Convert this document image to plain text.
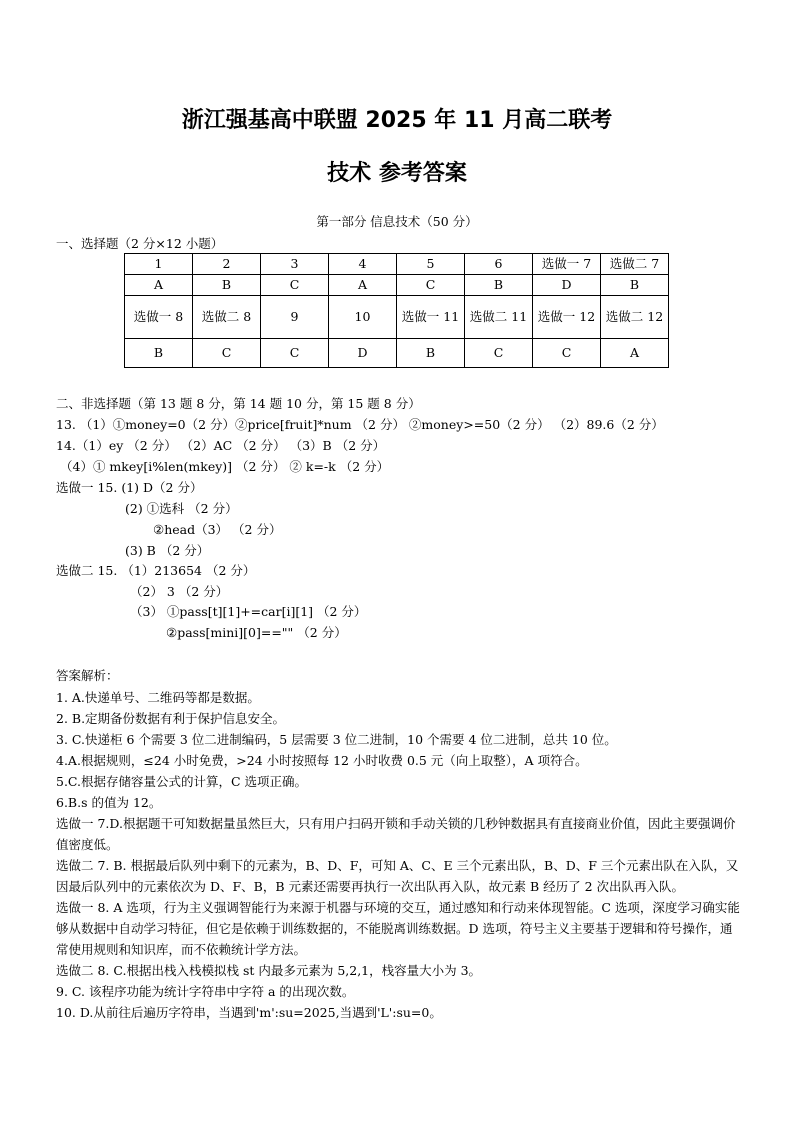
浙江强基高中联盟 2025 年 11 月高二联考
技术 参考答案
第一部分 信息技术（50 分）
一、选择题（2 分×12 小题）
1	2	3	4	5	6	选做一 7	选做二 7
A	B	C	A	C	B	D	B
选做一 8	选做二 8	9	10	选做一 11	选做二 11	选做一 12	选做二 12
B	C	C	D	B	C	C	A
二、非选择题（第 13 题 8 分，第 14 题 10 分，第 15 题 8 分）
13. （1）①money=0（2 分）②price[fruit]*num （2 分） ②money>=50（2 分） （2）89.6（2 分）
14.（1）ey （2 分） （2）AC （2 分） （3）B （2 分）
（4）① mkey[i%len(mkey)] （2 分） ② k=-k （2 分）
选做一 15. (1) D（2 分）
(2) ①选科 （2 分）
②head（3） （2 分）
(3) B （2 分）
选做二 15. （1）213654 （2 分）
（2） 3 （2 分）
（3） ①pass[t][1]+=car[i][1] （2 分）
②pass[mini][0]=="" （2 分）
答案解析：
1. A.快递单号、二维码等都是数据。
2. B.定期备份数据有利于保护信息安全。
3. C.快递柜 6 个需要 3 位二进制编码，5 层需要 3 位二进制，10 个需要 4 位二进制，总共 10 位。
4.A.根据规则，≤24 小时免费，>24 小时按照每 12 小时收费 0.5 元（向上取整），A 项符合。
5.C.根据存储容量公式的计算，C 选项正确。
6.B.s 的值为 12。
选做一 7.D.根据题干可知数据量虽然巨大，只有用户扫码开锁和手动关锁的几秒钟数据具有直接商业价值，因此主要强调价值密度低。
选做二 7. B. 根据最后队列中剩下的元素为，B、D、F，可知 A、C、E 三个元素出队，B、D、F 三个元素出队在入队，又因最后队列中的元素依次为 D、F、B，B 元素还需要再执行一次出队再入队，故元素 B 经历了 2 次出队再入队。
选做一 8. A 选项，行为主义强调智能行为来源于机器与环境的交互，通过感知和行动来体现智能。C 选项，深度学习确实能够从数据中自动学习特征，但它是依赖于训练数据的，不能脱离训练数据。D 选项，符号主义主要基于逻辑和符号操作，通常使用规则和知识库，而不依赖统计学方法。
选做二 8. C.根据出栈入栈模拟栈 st 内最多元素为 5,2,1，栈容量大小为 3。
9. C. 该程序功能为统计字符串中字符 a 的出现次数。
10. D.从前往后遍历字符串，当遇到'm':su=2025,当遇到'L':su=0。
